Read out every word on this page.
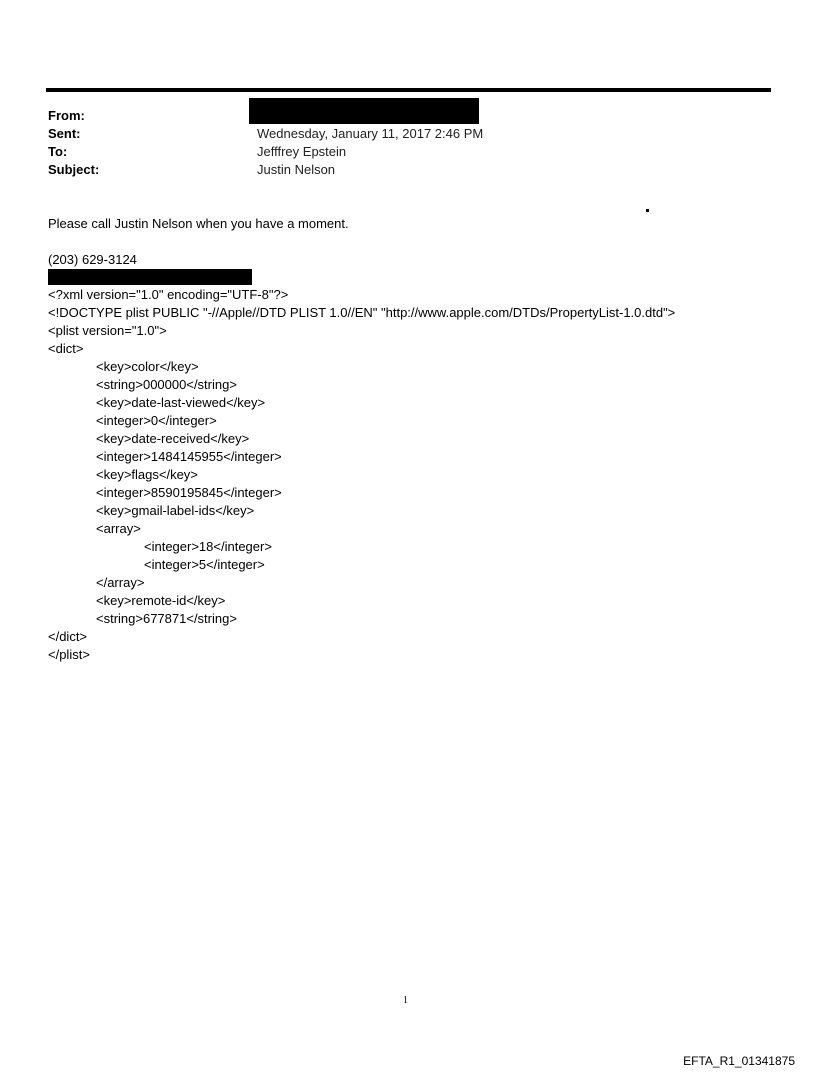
From:
Sent:	Wednesday, January 11, 2017 2:46 PM
To:	Jefffrey Epstein
Subject:	Justin Nelson
Please call Justin Nelson when you have a moment.
(203) 629-3124
<?xml version="1.0" encoding="UTF-8"?>
<!DOCTYPE plist PUBLIC "-//Apple//DTD PLIST 1.0//EN" "http://www.apple.com/DTDs/PropertyList-1.0.dtd">
<plist version="1.0">
<dict>
<key>color</key>
<string>000000</string>
<key>date-last-viewed</key>
<integer>0</integer>
<key>date-received</key>
<integer>1484145955</integer>
<key>flags</key>
<integer>8590195845</integer>
<key>gmail-label-ids</key>
<array>
<integer>18</integer>
<integer>5</integer>
</array>
<key>remote-id</key>
<string>677871</string>
</dict>
</plist>
1
EFTA_R1_01341875
